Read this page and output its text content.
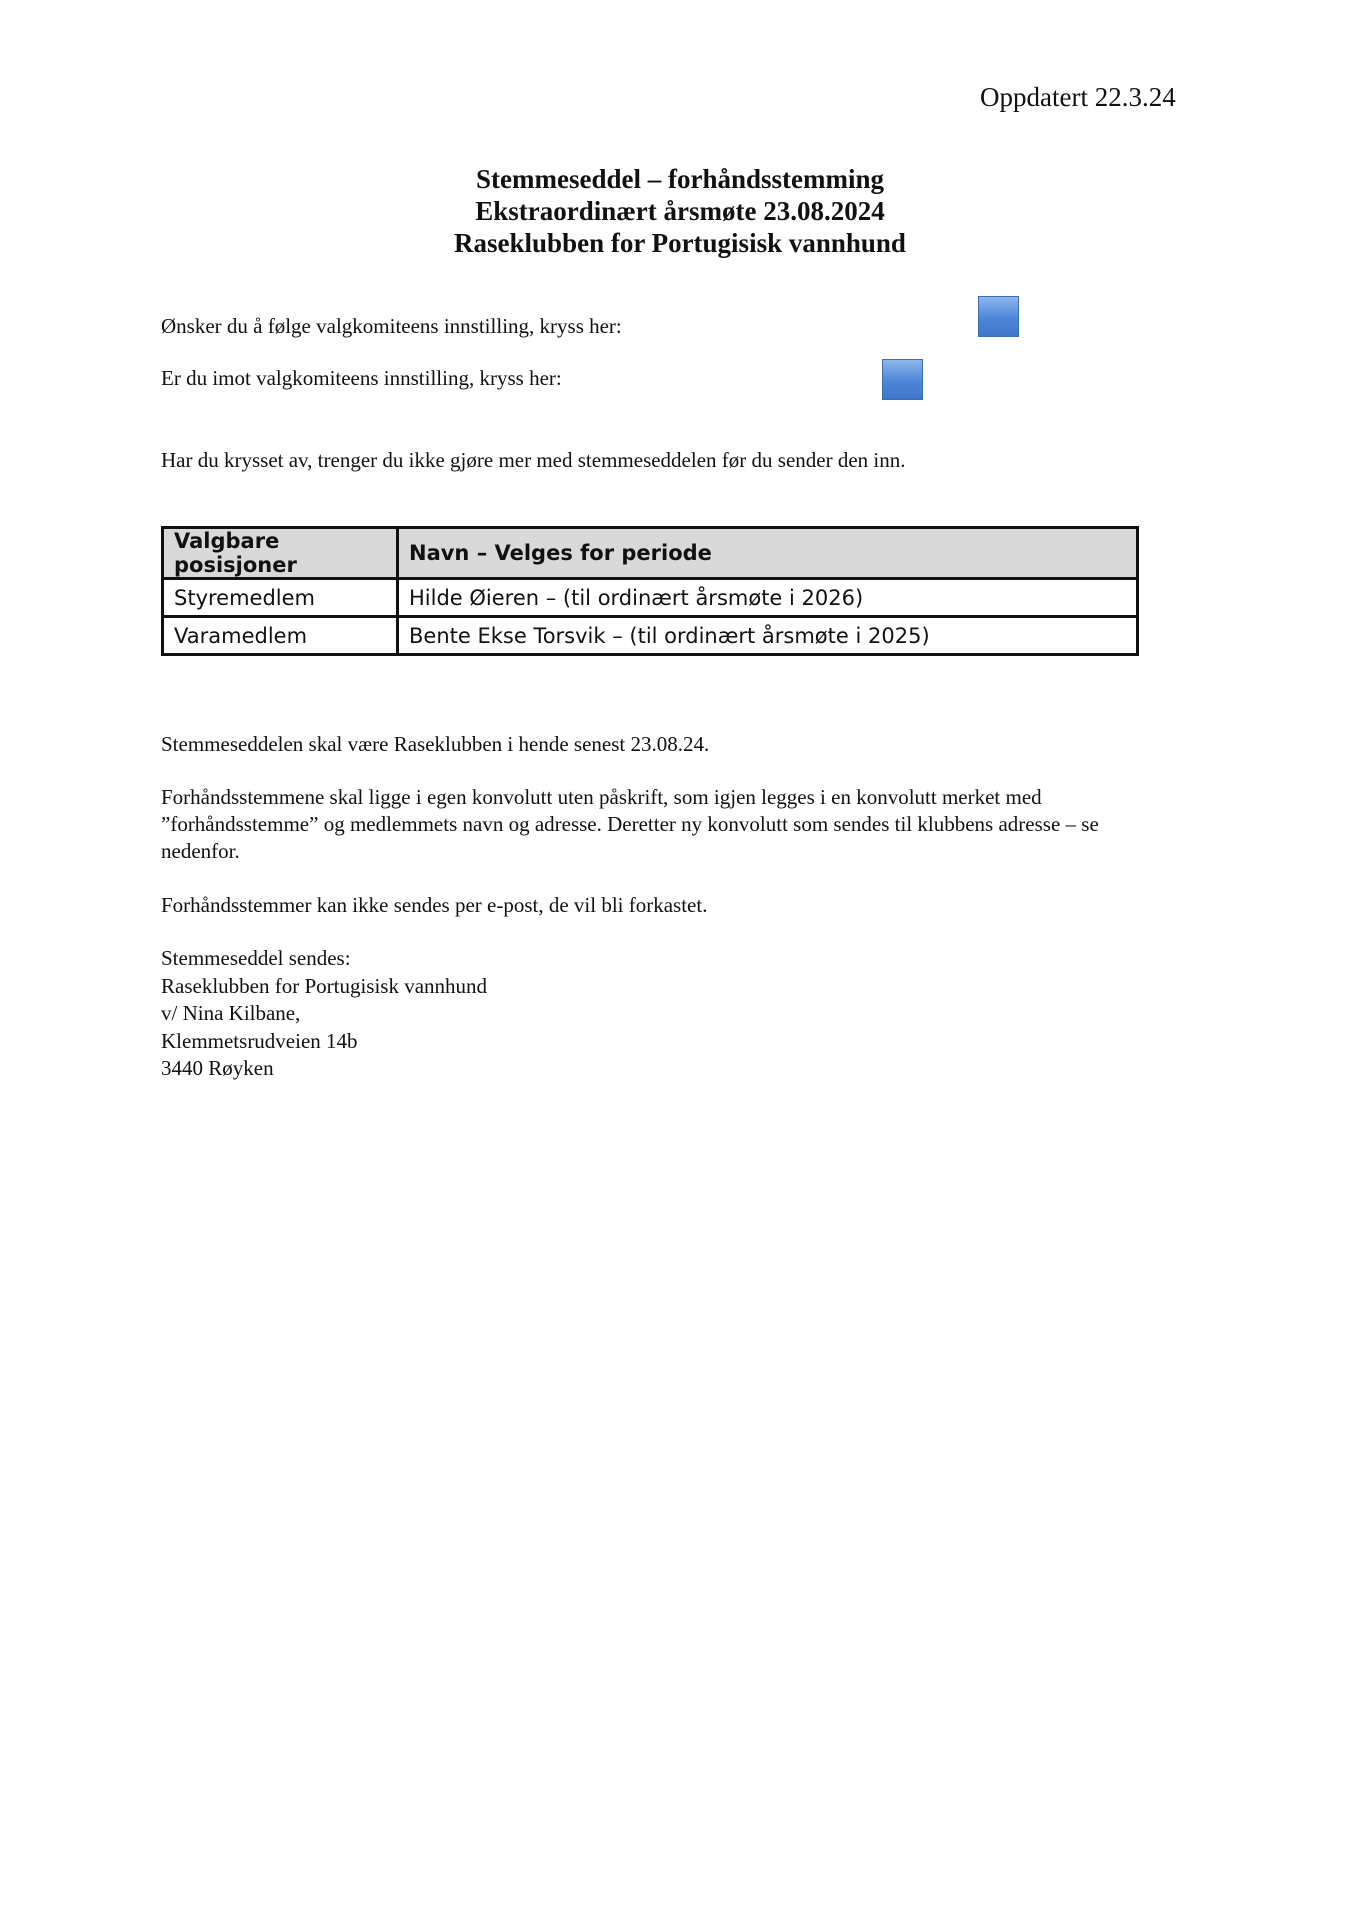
Oppdatert 22.3.24
Stemmeseddel – forhåndsstemming
Ekstraordinært årsmøte 23.08.2024
Raseklubben for Portugisisk vannhund
Ønsker du å følge valgkomiteens innstilling, kryss her:
Er du imot valgkomiteens innstilling, kryss her:
Har du krysset av, trenger du ikke gjøre mer med stemmeseddelen før du sender den inn.
Valgbare posisjoner	Navn – Velges for periode
Styremedlem	Hilde Øieren – (til ordinært årsmøte i 2026)
Varamedlem	Bente Ekse Torsvik – (til ordinært årsmøte i 2025)
Stemmeseddelen skal være Raseklubben i hende senest 23.08.24.
Forhåndsstemmene skal ligge i egen konvolutt uten påskrift, som igjen legges i en konvolutt merket med ”forhåndsstemme” og medlemmets navn og adresse. Deretter ny konvolutt som sendes til klubbens adresse – se nedenfor.
Forhåndsstemmer kan ikke sendes per e-post, de vil bli forkastet.
Stemmeseddel sendes:
Raseklubben for Portugisisk vannhund
v/ Nina Kilbane,
Klemmetsrudveien 14b
3440 Røyken
